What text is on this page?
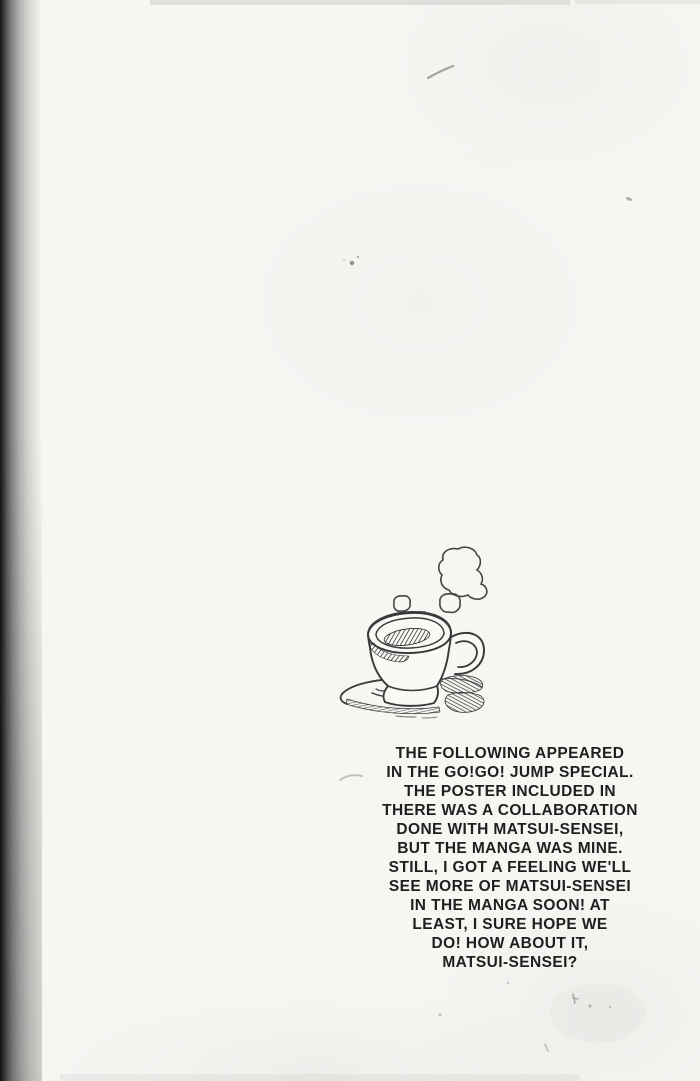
THE FOLLOWING APPEARED
IN THE GO!GO! JUMP SPECIAL.
THE POSTER INCLUDED IN
THERE WAS A COLLABORATION
DONE WITH MATSUI-SENSEI,
BUT THE MANGA WAS MINE.
STILL, I GOT A FEELING WE'LL
SEE MORE OF MATSUI-SENSEI
IN THE MANGA SOON! AT
LEAST, I SURE HOPE WE
DO! HOW ABOUT IT,
MATSUI-SENSEI?
